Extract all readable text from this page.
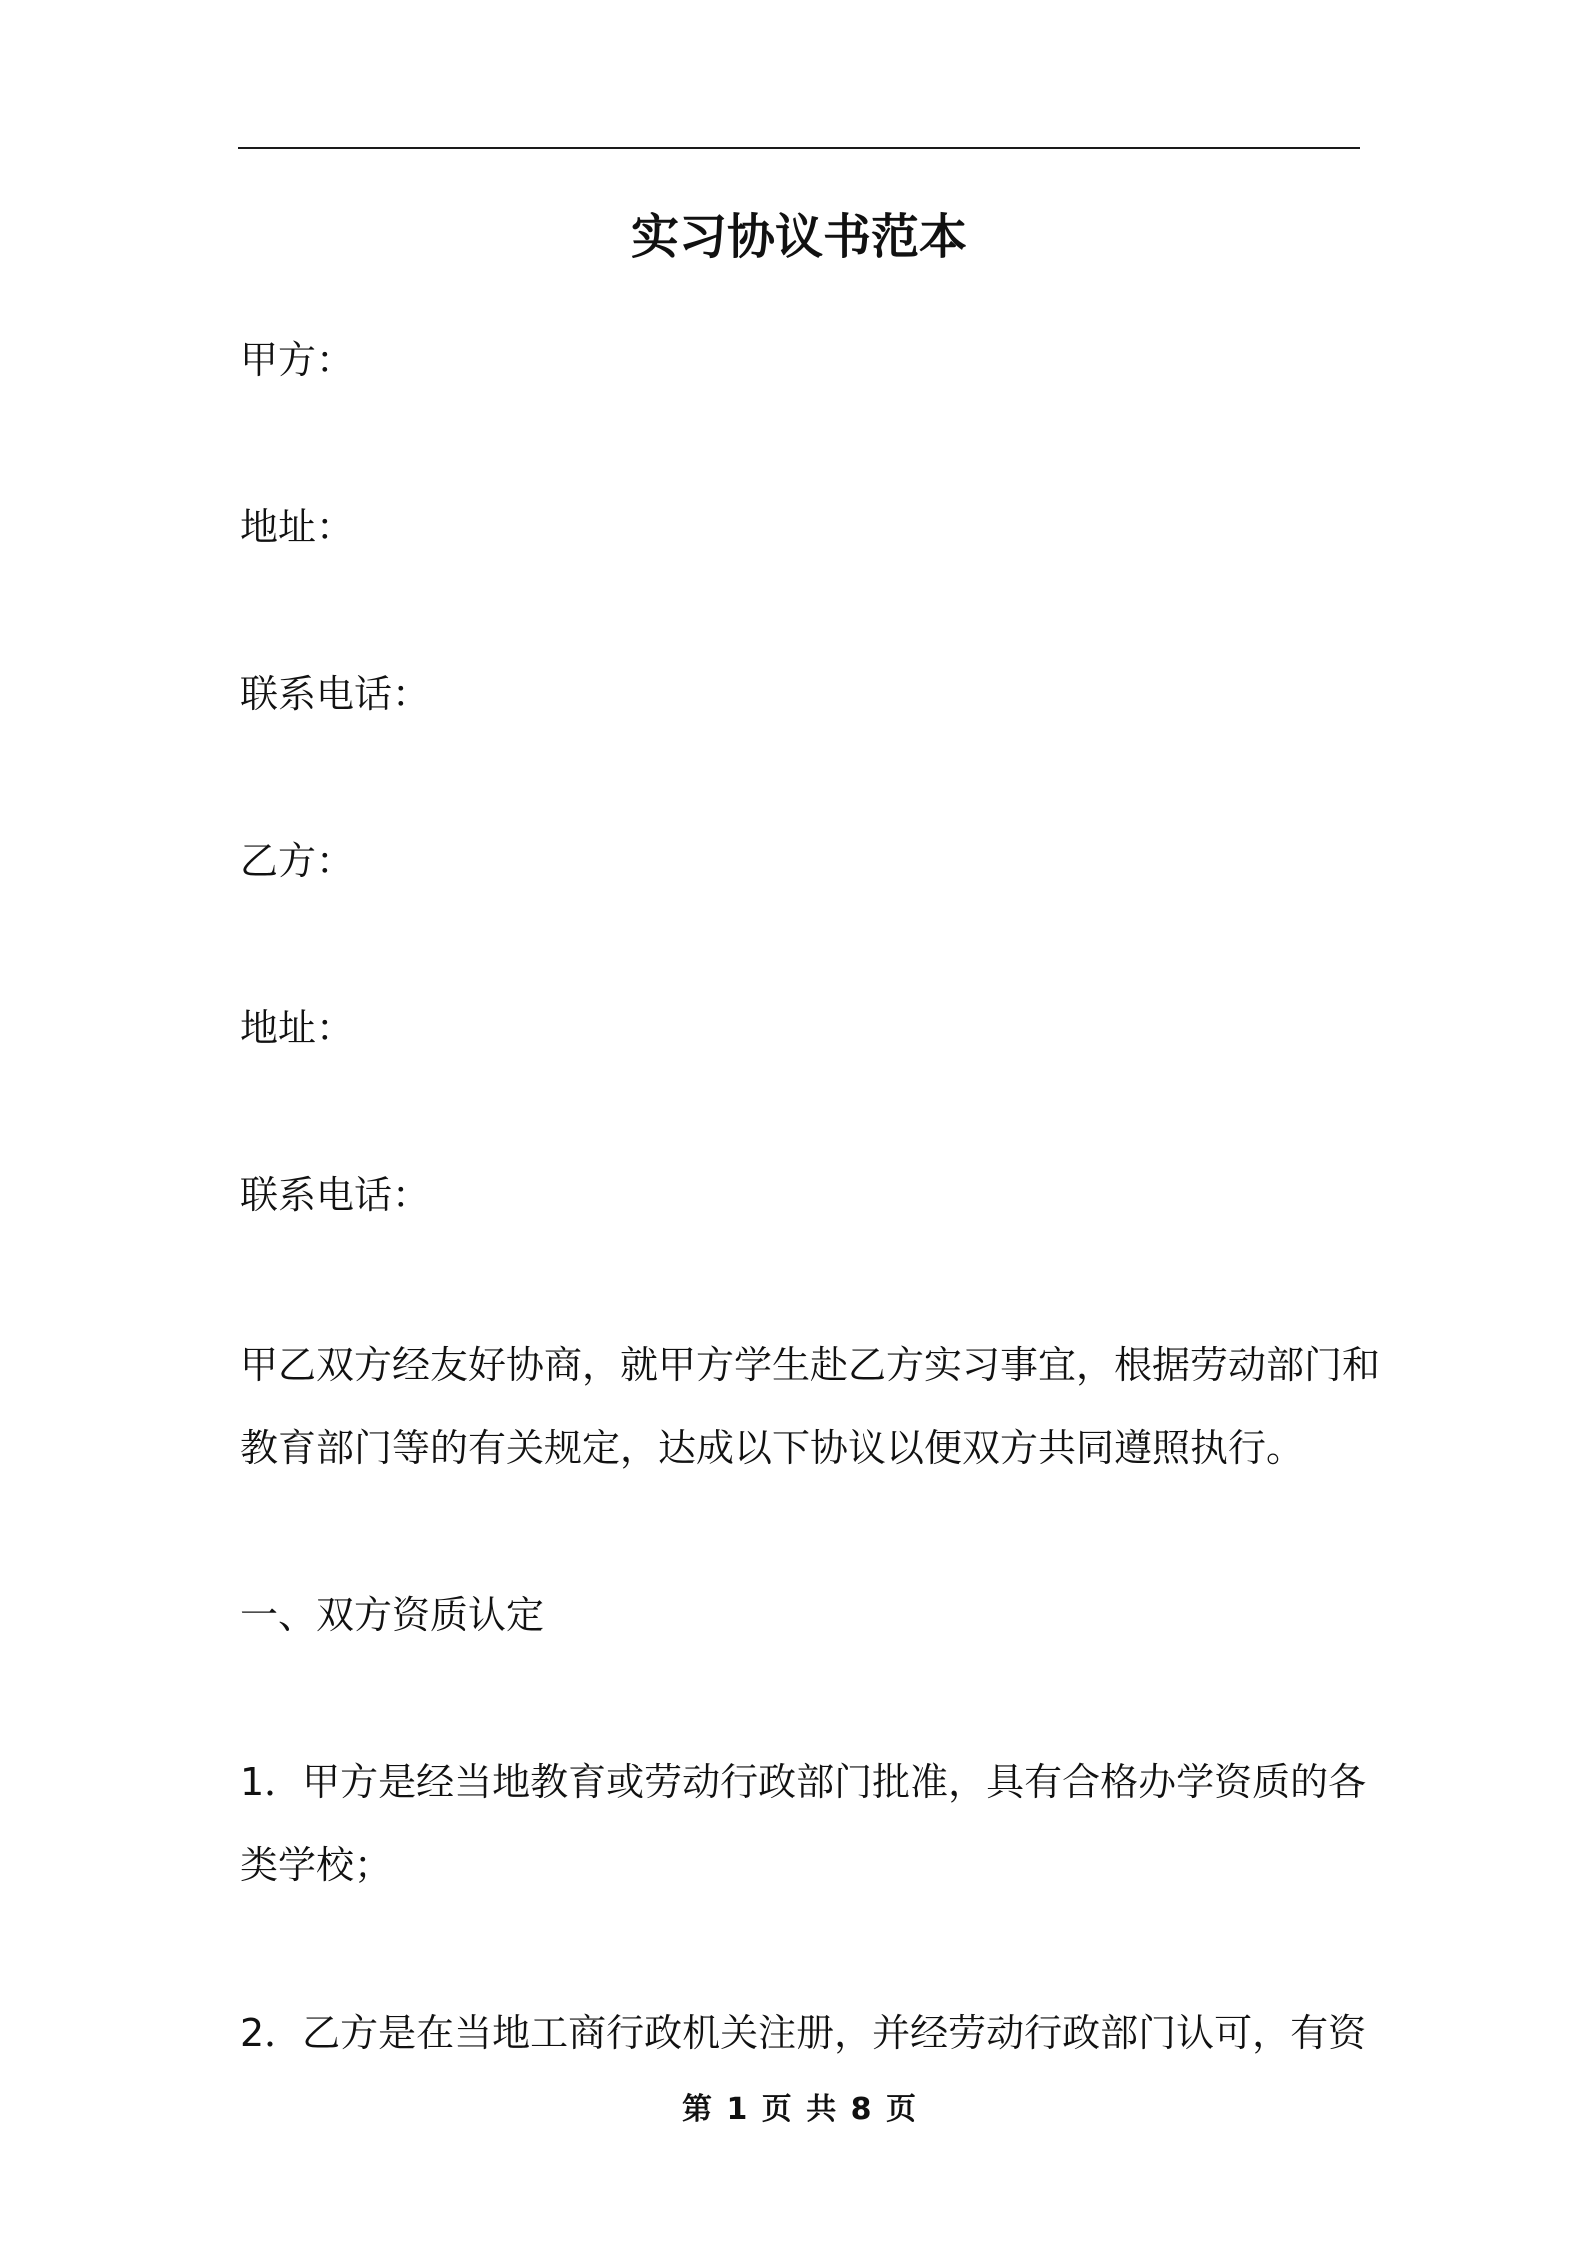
实习协议书范本

甲方：

地址：

联系电话：

乙方：

地址：

联系电话：

甲乙双方经友好协商，就甲方学生赴乙方实习事宜，根据劳动部门和

教育部门等的有关规定，达成以下协议以便双方共同遵照执行。

一、双方资质认定

1．甲方是经当地教育或劳动行政部门批准，具有合格办学资质的各

类学校；

2．乙方是在当地工商行政机关注册，并经劳动行政部门认可，有资

第 1 页 共 8 页
